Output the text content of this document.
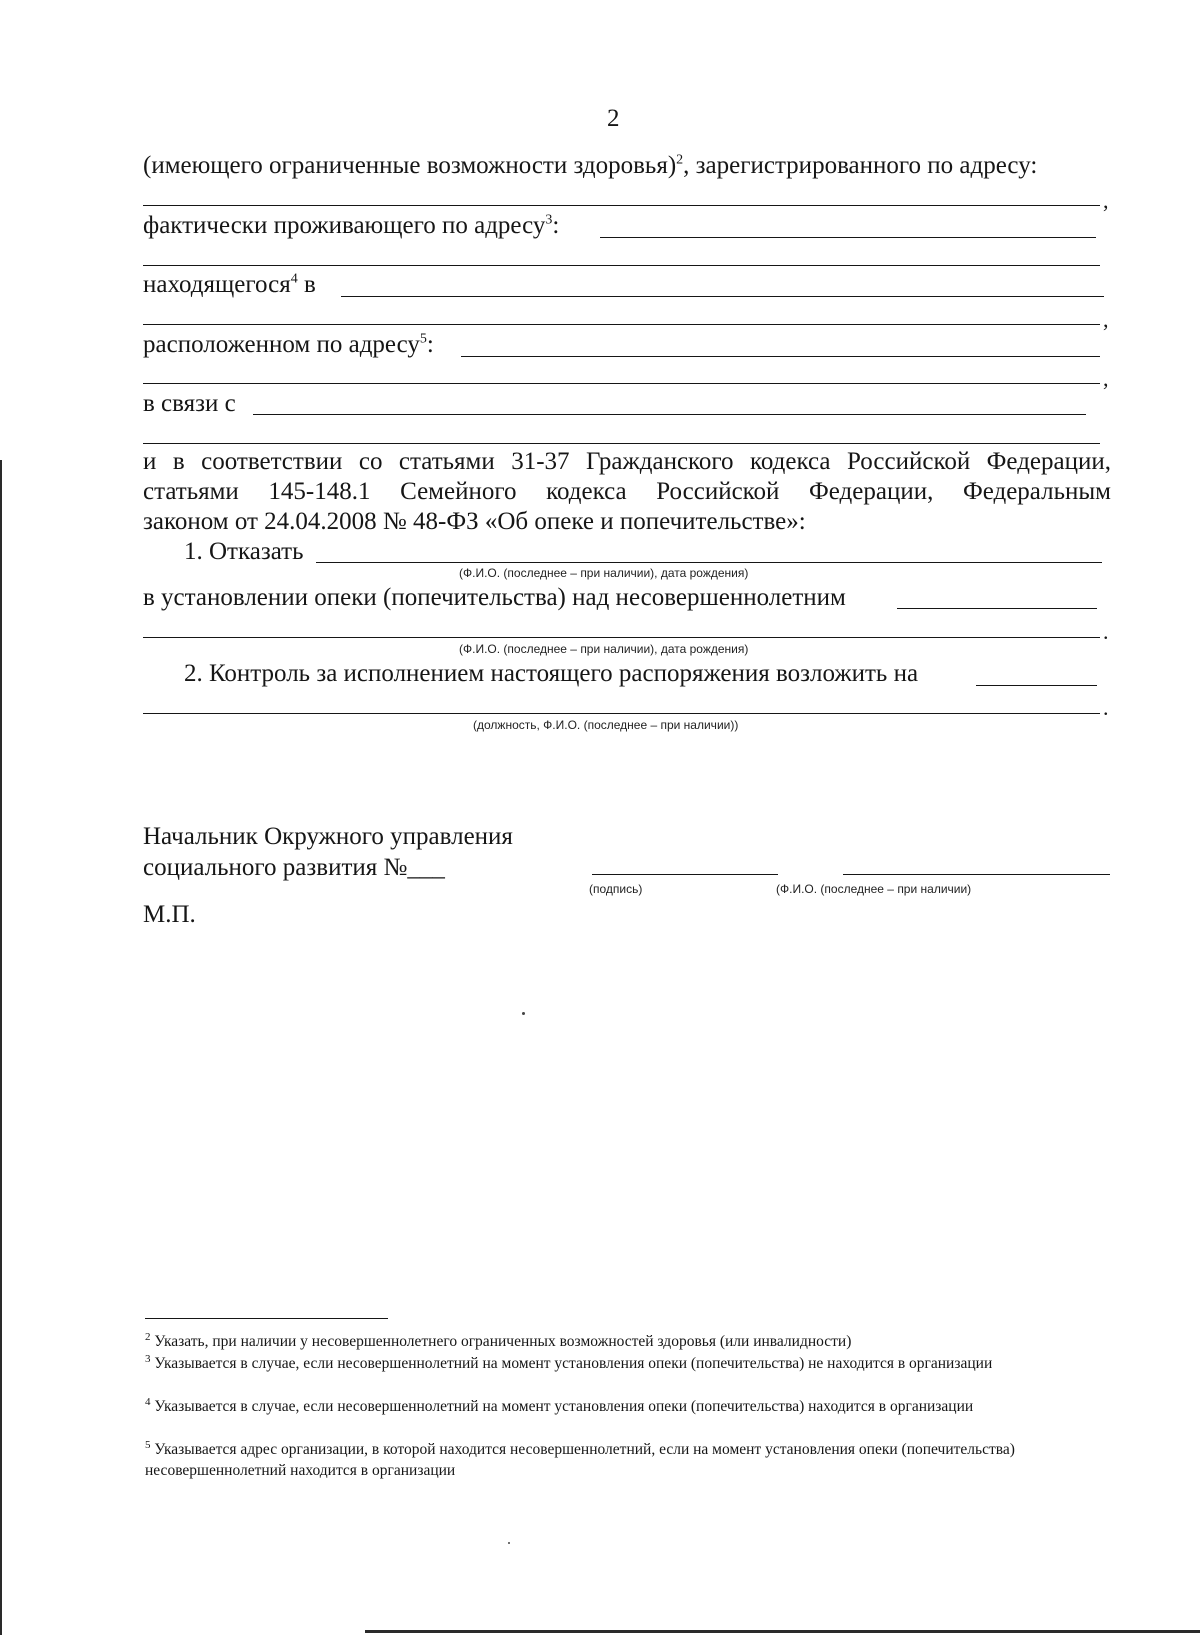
2
(имеющего ограниченные возможности здоровья)$^2$, зарегистрированного по адресу:
,
фактически проживающего по адресу$^3$:
находящегося$^4$ в
,
расположенном по адресу$^5$:
,
в связи с
и в соответствии со статьями 31-37 Гражданского кодекса Российской Федерации,
статьями 145-148.1 Семейного кодекса Российской Федерации, Федеральным
законом от 24.04.2008 № 48-ФЗ «Об опеке и попечительстве»:
1. Отказать
(Ф.И.О. (последнее – при наличии), дата рождения)
в установлении опеки (попечительства) над несовершеннолетним
.
(Ф.И.О. (последнее – при наличии), дата рождения)
2. Контроль за исполнением настоящего распоряжения возложить на
.
(должность, Ф.И.О. (последнее – при наличии))
Начальник Окружного управления
социального развития №___
(подпись)	(Ф.И.О. (последнее – при наличии)
М.П.
$^2$ Указать, при наличии у несовершеннолетнего ограниченных возможностей здоровья (или инвалидности)
$^3$ Указывается в случае, если несовершеннолетний на момент установления опеки (попечительства) не находится в организации
$^4$ Указывается в случае, если несовершеннолетний на момент установления опеки (попечительства) находится в организации
$^5$ Указывается адрес организации, в которой находится несовершеннолетний, если на момент установления опеки (попечительства) несовершеннолетний находится в организации
